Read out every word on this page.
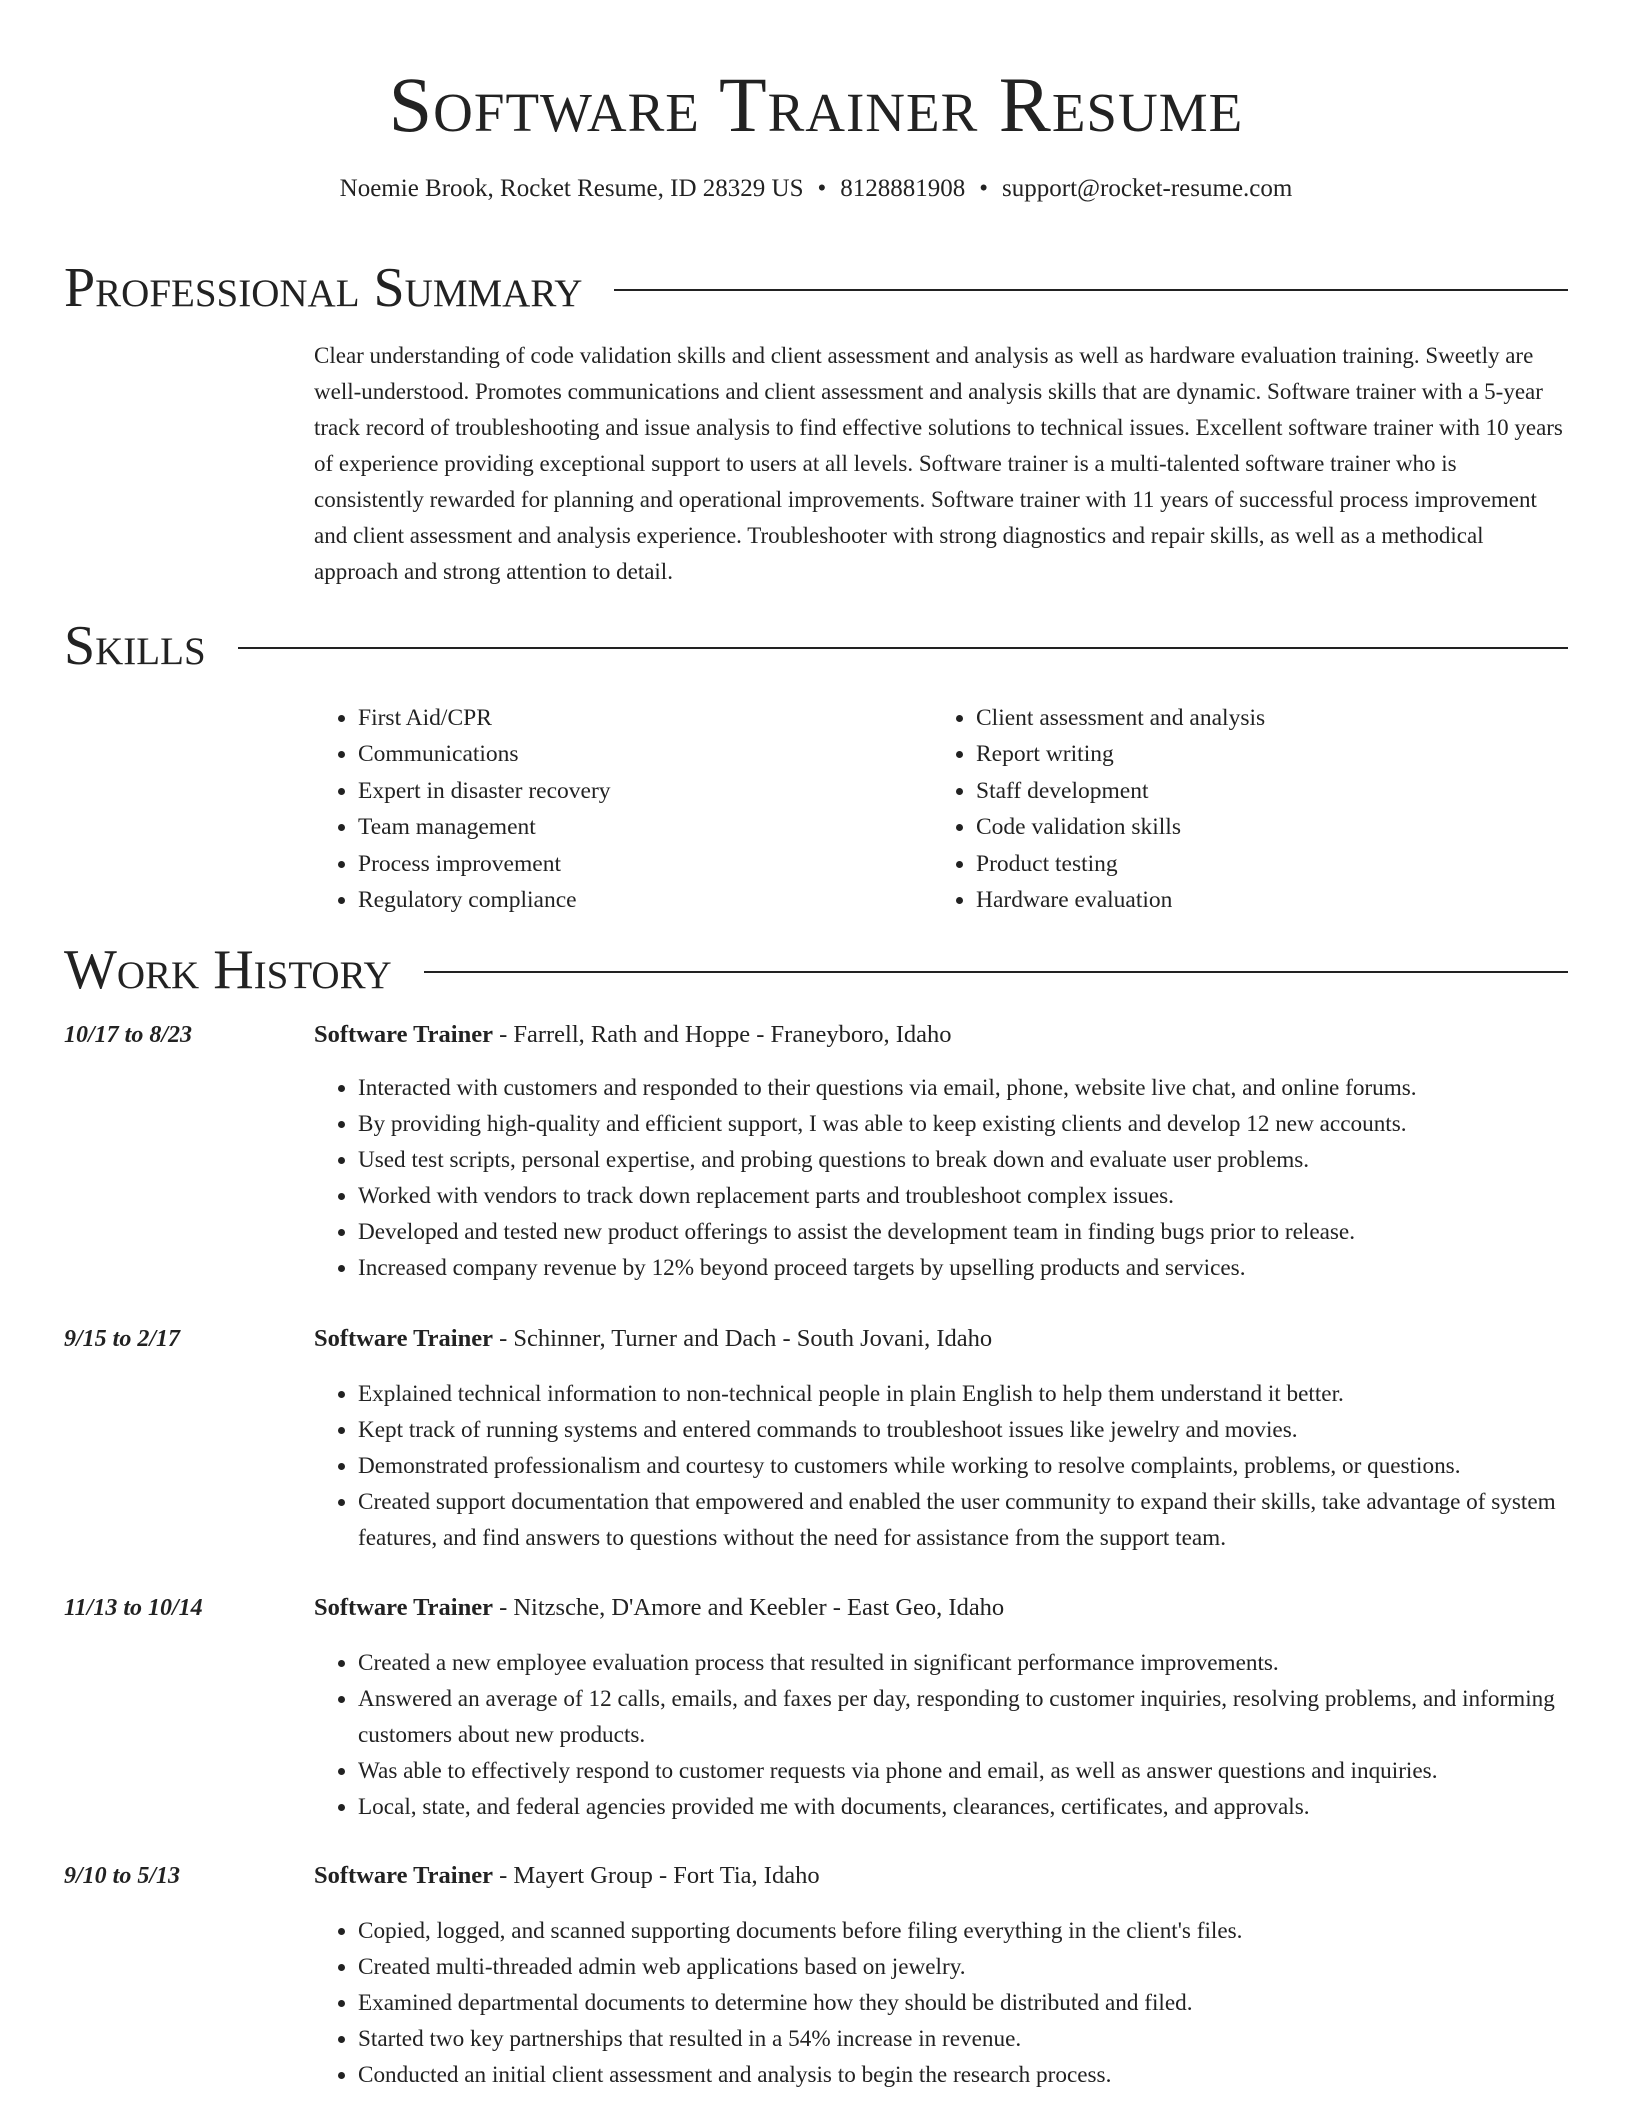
Software Trainer Resume
Noemie Brook, Rocket Resume, ID 28329 US • 8128881908 • support@rocket-resume.com
Professional Summary

Clear understanding of code validation skills and client assessment and analysis as well as hardware evaluation training. Sweetly are well-understood. Promotes communications and client assessment and analysis skills that are dynamic. Software trainer with a 5-year track record of troubleshooting and issue analysis to find effective solutions to technical issues. Excellent software trainer with 10 years of experience providing exceptional support to users at all levels. Software trainer is a multi-talented software trainer who is consistently rewarded for planning and operational improvements. Software trainer with 11 years of successful process improvement and client assessment and analysis experience. Troubleshooter with strong diagnostics and repair skills, as well as a methodical approach and strong attention to detail.

Skills
• First Aid/CPR
• Communications
• Expert in disaster recovery
• Team management
• Process improvement
• Regulatory compliance
• Client assessment and analysis
• Report writing
• Staff development
• Code validation skills
• Product testing
• Hardware evaluation
Work History
10/17 to 8/23	Software Trainer - Farrell, Rath and Hoppe - Franeyboro, Idaho
• Interacted with customers and responded to their questions via email, phone, website live chat, and online forums.
• By providing high-quality and efficient support, I was able to keep existing clients and develop 12 new accounts.
• Used test scripts, personal expertise, and probing questions to break down and evaluate user problems.
• Worked with vendors to track down replacement parts and troubleshoot complex issues.
• Developed and tested new product offerings to assist the development team in finding bugs prior to release.
• Increased company revenue by 12% beyond proceed targets by upselling products and services.
9/15 to 2/17	Software Trainer - Schinner, Turner and Dach - South Jovani, Idaho
• Explained technical information to non-technical people in plain English to help them understand it better.
• Kept track of running systems and entered commands to troubleshoot issues like jewelry and movies.
• Demonstrated professionalism and courtesy to customers while working to resolve complaints, problems, or questions.
• Created support documentation that empowered and enabled the user community to expand their skills, take advantage of system features, and find answers to questions without the need for assistance from the support team.
11/13 to 10/14	Software Trainer - Nitzsche, D'Amore and Keebler - East Geo, Idaho
• Created a new employee evaluation process that resulted in significant performance improvements.
• Answered an average of 12 calls, emails, and faxes per day, responding to customer inquiries, resolving problems, and informing customers about new products.
• Was able to effectively respond to customer requests via phone and email, as well as answer questions and inquiries.
• Local, state, and federal agencies provided me with documents, clearances, certificates, and approvals.
9/10 to 5/13	Software Trainer - Mayert Group - Fort Tia, Idaho
• Copied, logged, and scanned supporting documents before filing everything in the client's files.
• Created multi-threaded admin web applications based on jewelry.
• Examined departmental documents to determine how they should be distributed and filed.
• Started two key partnerships that resulted in a 54% increase in revenue.
• Conducted an initial client assessment and analysis to begin the research process.
